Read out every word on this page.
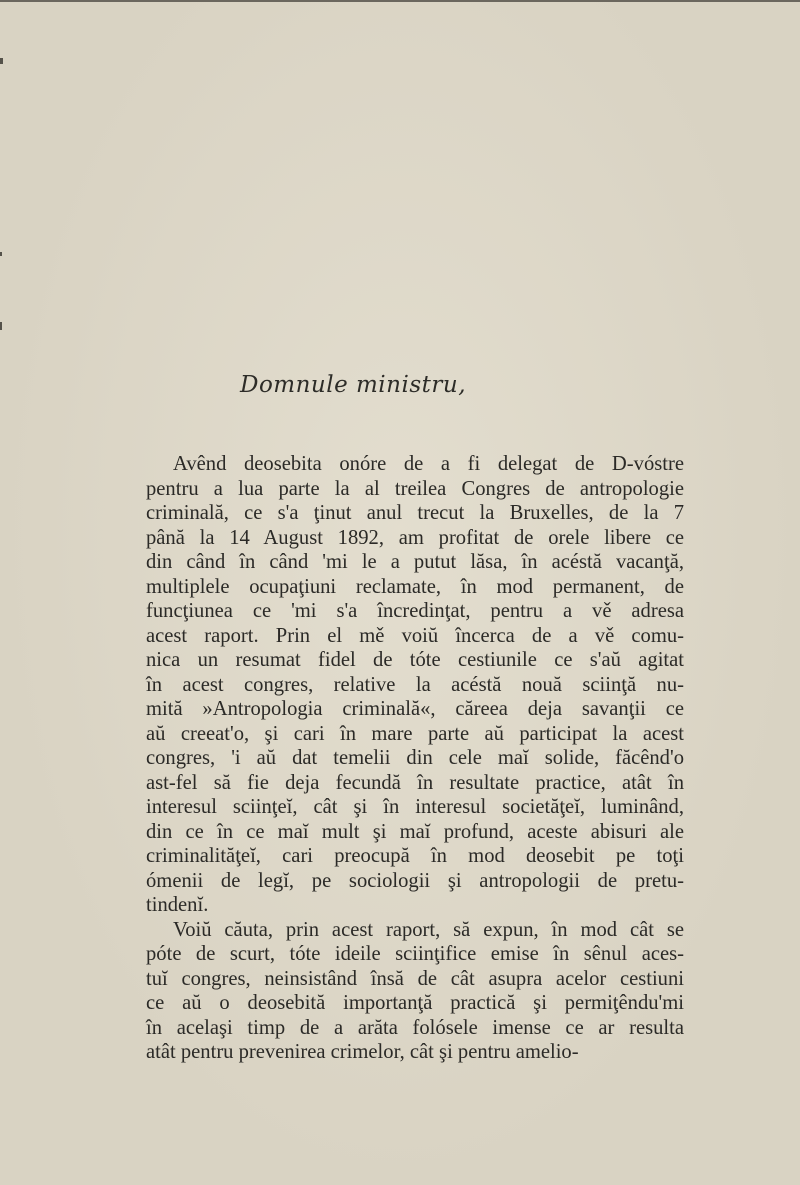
Domnule ministru,
Avênd deosebita onóre de a fi delegat de D-vóstre
pentru a lua parte la al treilea Congres de antropologie
criminală, ce s'a ţinut anul trecut la Bruxelles, de la 7
până la 14 August 1892, am profitat de orele libere ce
din când în când 'mi le a putut lăsa, în acéstă vacanţă,
multiplele ocupaţiuni reclamate, în mod permanent, de
funcţiunea ce 'mi s'a încredinţat, pentru a vě adresa
acest raport. Prin el mě voiŭ încerca de a vě comu-
nica un resumat fidel de tóte cestiunile ce s'aŭ agitat
în acest congres, relative la acéstă nouă sciinţă nu-
mită »Antropologia criminală«, căreea deja savanţii ce
aŭ creeat'o, şi cari în mare parte aŭ participat la acest
congres, 'i aŭ dat temelii din cele maĭ solide, făcênd'o
ast-fel să fie deja fecundă în resultate practice, atât în
interesul sciinţeĭ, cât şi în interesul societăţeĭ, luminând,
din ce în ce maĭ mult şi maĭ profund, aceste abisuri ale
criminalităţeĭ, cari preocupă în mod deosebit pe toţi
ómenii de legĭ, pe sociologii şi antropologii de pretu-
tindenĭ.
Voiŭ căuta, prin acest raport, să expun, în mod cât se
póte de scurt, tóte ideile sciinţifice emise în sênul aces-
tuĭ congres, neinsistând însă de cât asupra acelor cestiuni
ce aŭ o deosebită importanţă practică şi permiţêndu'mi
în acelaşi timp de a arăta folósele imense ce ar resulta
atât pentru prevenirea crimelor, cât şi pentru amelio-
